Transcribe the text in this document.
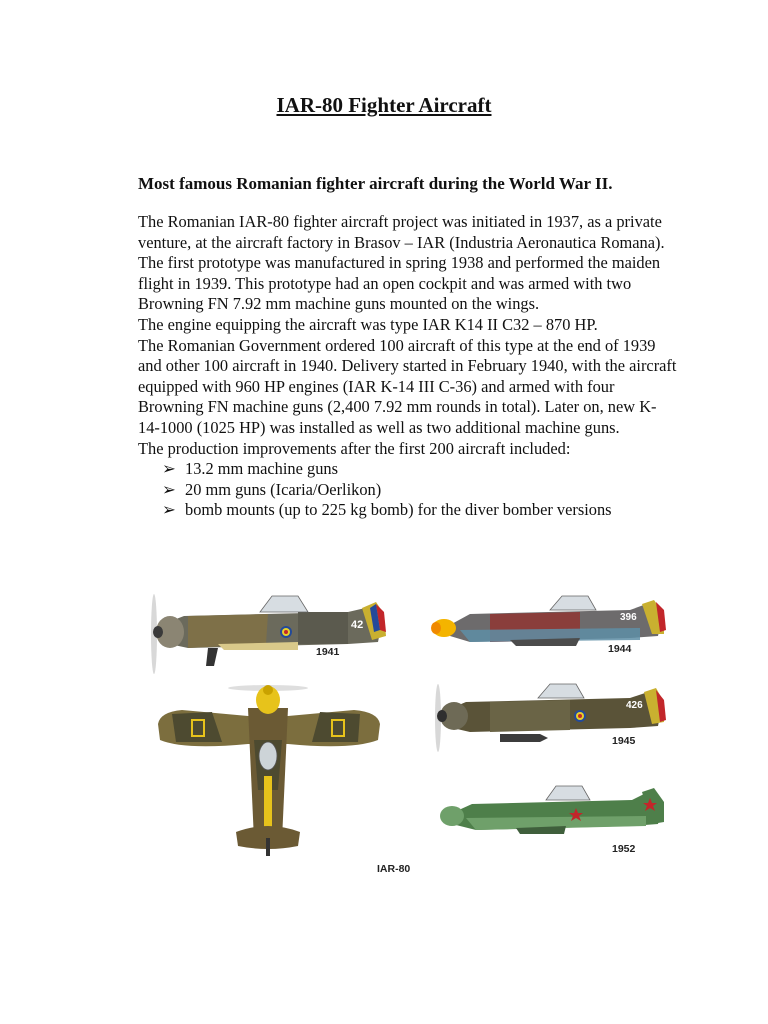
IAR-80 Fighter Aircraft
Most famous Romanian fighter aircraft during the World War II.

The Romanian IAR-80 fighter aircraft project was initiated in 1937, as a private venture, at the aircraft factory in Brasov – IAR (Industria Aeronautica Romana).

The first prototype was manufactured in spring 1938 and performed the maiden flight in 1939. This prototype had an open cockpit and was armed with two Browning FN 7.92 mm machine guns mounted on the wings.

The engine equipping the aircraft was type IAR K14 II C32 – 870 HP.

The Romanian Government ordered 100 aircraft of this type at the end of 1939 and other 100 aircraft in 1940. Delivery started in February 1940, with the aircraft equipped with 960 HP engines (IAR K-14 III C-36) and armed with four Browning FN machine guns (2,400 7.92 mm rounds in total). Later on, new K-14-1000 (1025 HP) was installed as well as two additional machine guns.

The production improvements after the first 200 aircraft included:

➢ 13.2 mm machine guns
➢ 20 mm guns (Icaria/Oerlikon)
➢ bomb mounts (up to 225 kg bomb) for the diver bomber versions
42
1941
396
1944
IAR-80
426
1945
1952
